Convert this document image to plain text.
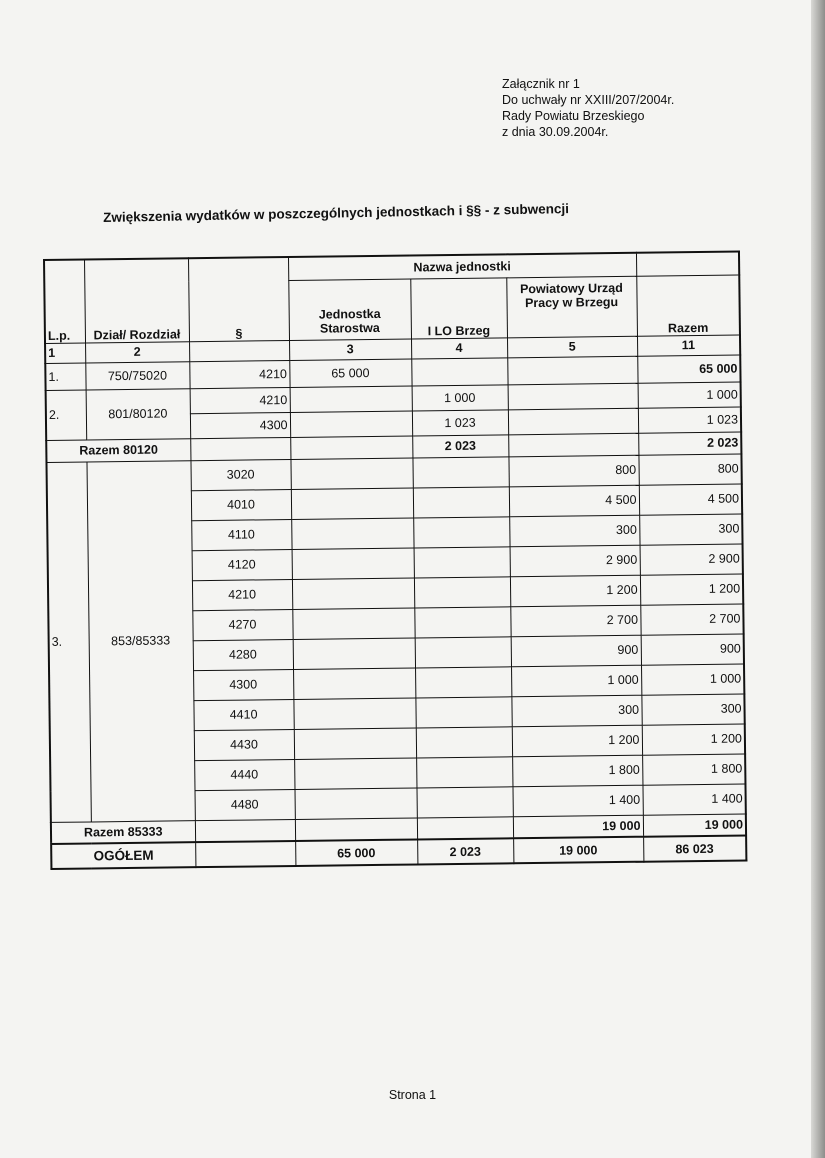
Załącznik nr 1
Do uchwały nr XXIII/207/2004r.
Rady Powiatu Brzeskiego
z dnia 30.09.2004r.
Zwiększenia wydatków w poszczególnych jednostkach i §§ - z subwencji
L.p.	Dział/ Rozdział	§	Nazwa jednostki			
			Jednostka Starostwa	I LO Brzeg	Powiatowy Urząd Pracy w Brzegu	Razem
1	2		3	4	5	11
1.	750/75020	4210	65 000			65 000
2.	801/80120	4210		1 000		1 000
		4300		1 023		1 023
Razem 80120				2 023		2 023
3.	853/85333	3020			800	800
		4010			4 500	4 500
		4110			300	300
		4120			2 900	2 900
		4210			1 200	1 200
		4270			2 700	2 700
		4280			900	900
		4300			1 000	1 000
		4410			300	300
		4430			1 200	1 200
		4440			1 800	1 800
		4480			1 400	1 400
Razem 85333					19 000	19 000
OGÓŁEM			65 000	2 023	19 000	86 023
Strona 1
